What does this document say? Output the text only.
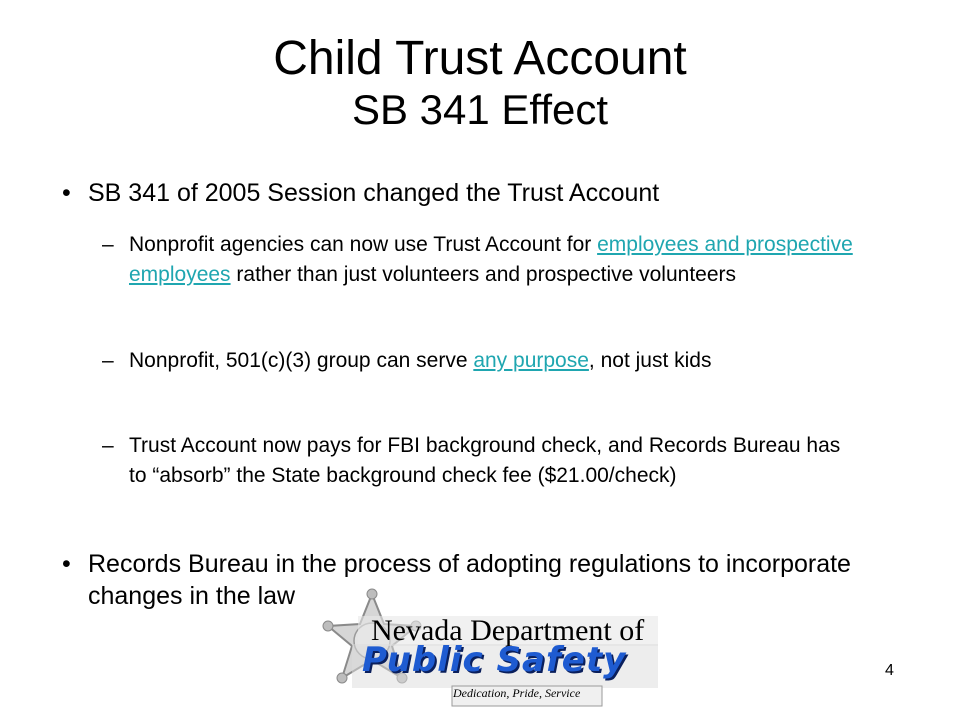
Child Trust Account
SB 341 Effect
• SB 341 of 2005 Session changed the Trust Account
– Nonprofit agencies can now use Trust Account for employees and prospective employees rather than just volunteers and prospective volunteers
– Nonprofit, 501(c)(3) group can serve any purpose, not just kids
– Trust Account now pays for FBI background check, and Records Bureau has to “absorb” the State background check fee ($21.00/check)
• Records Bureau in the process of adopting regulations to incorporate changes in the law
Nevada Department of
Public Safety
Dedication, Pride, Service
4
